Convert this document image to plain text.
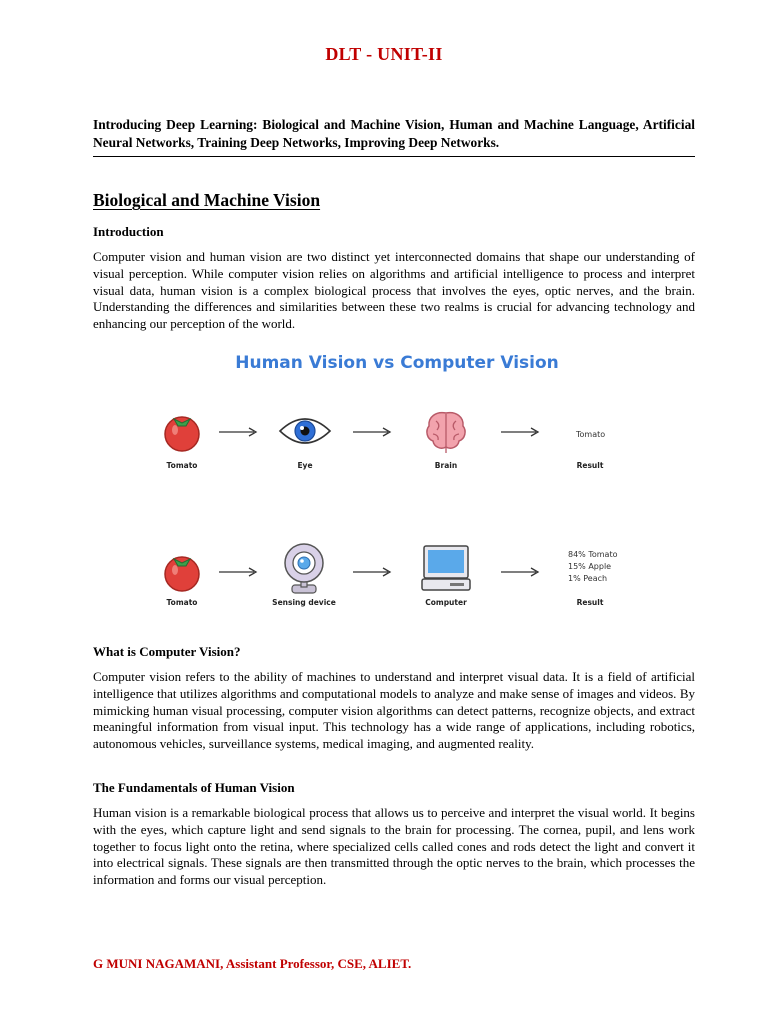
DLT - UNIT-II
Introducing Deep Learning: Biological and Machine Vision, Human and Machine Language, Artificial Neural Networks, Training Deep Networks, Improving Deep Networks.
Biological and Machine Vision
Introduction
Computer vision and human vision are two distinct yet interconnected domains that shape our understanding of visual perception. While computer vision relies on algorithms and artificial intelligence to process and interpret visual data, human vision is a complex biological process that involves the eyes, optic nerves, and the brain. Understanding the differences and similarities between these two realms is crucial for advancing technology and enhancing our perception of the world.
Human Vision vs Computer Vision
Tomato	Eye	Brain
Tomato
Result
Tomato	Sensing device	Computer
84% Tomato
15% Apple
1% Peach
Result
What is Computer Vision?
Computer vision refers to the ability of machines to understand and interpret visual data. It is a field of artificial intelligence that utilizes algorithms and computational models to analyze and make sense of images and videos. By mimicking human visual processing, computer vision algorithms can detect patterns, recognize objects, and extract meaningful information from visual input. This technology has a wide range of applications, including robotics, autonomous vehicles, surveillance systems, medical imaging, and augmented reality.
The Fundamentals of Human Vision
Human vision is a remarkable biological process that allows us to perceive and interpret the visual world. It begins with the eyes, which capture light and send signals to the brain for processing. The cornea, pupil, and lens work together to focus light onto the retina, where specialized cells called cones and rods detect the light and convert it into electrical signals. These signals are then transmitted through the optic nerves to the brain, which processes the information and forms our visual perception.
G MUNI NAGAMANI, Assistant Professor, CSE, ALIET.
